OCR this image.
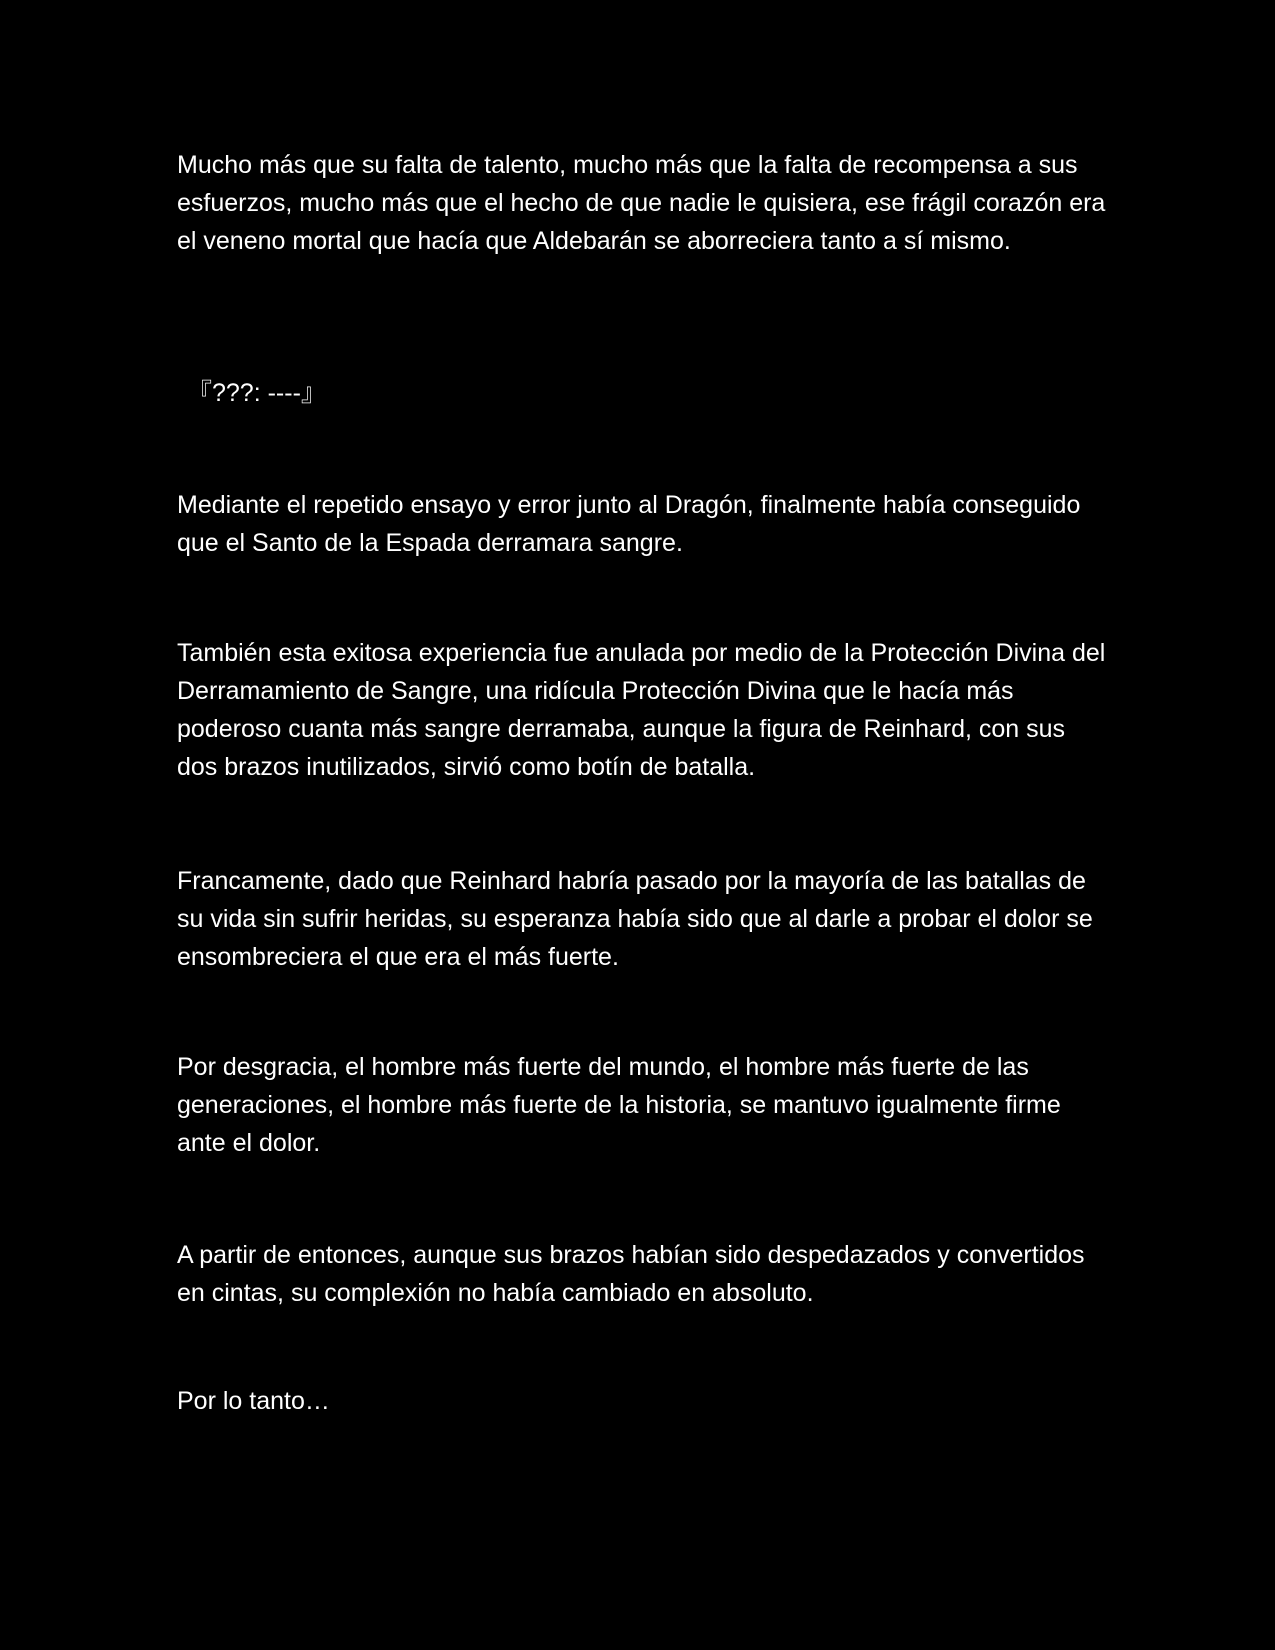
Mucho más que su falta de talento, mucho más que la falta de recompensa a sus esfuerzos, mucho más que el hecho de que nadie le quisiera, ese frágil corazón era el veneno mortal que hacía que Aldebarán se aborreciera tanto a sí mismo.

『???: ----』

Mediante el repetido ensayo y error junto al Dragón, finalmente había conseguido que el Santo de la Espada derramara sangre.

También esta exitosa experiencia fue anulada por medio de la Protección Divina del Derramamiento de Sangre, una ridícula Protección Divina que le hacía más poderoso cuanta más sangre derramaba, aunque la figura de Reinhard, con sus dos brazos inutilizados, sirvió como botín de batalla.

Francamente, dado que Reinhard habría pasado por la mayoría de las batallas de su vida sin sufrir heridas, su esperanza había sido que al darle a probar el dolor se ensombreciera el que era el más fuerte.

Por desgracia, el hombre más fuerte del mundo, el hombre más fuerte de las generaciones, el hombre más fuerte de la historia, se mantuvo igualmente firme ante el dolor.

A partir de entonces, aunque sus brazos habían sido despedazados y convertidos en cintas, su complexión no había cambiado en absoluto.

Por lo tanto…
